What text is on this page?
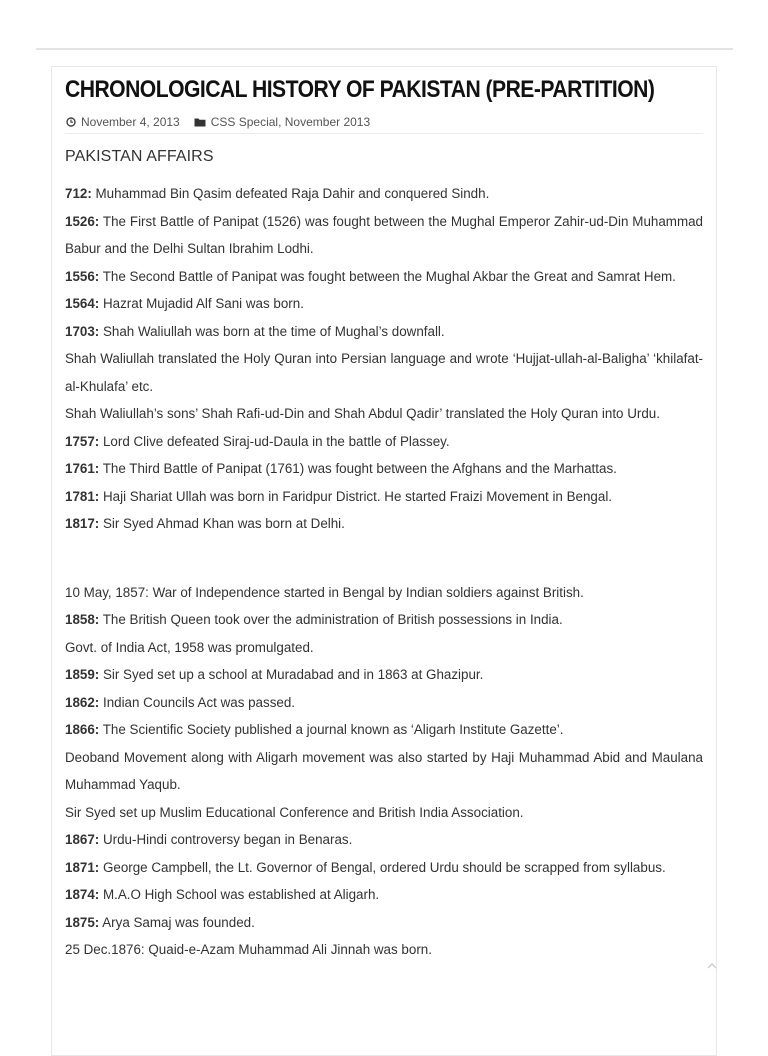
CHRONOLOGICAL HISTORY OF PAKISTAN (PRE-PARTITION)
November 4, 2013	CSS Special, November 2013
PAKISTAN AFFAIRS

712: Muhammad Bin Qasim defeated Raja Dahir and conquered Sindh.

1526: The First Battle of Panipat (1526) was fought between the Mughal Emperor Zahir-ud-Din Muhammad Babur and the Delhi Sultan Ibrahim Lodhi.

1556: The Second Battle of Panipat was fought between the Mughal Akbar the Great and Samrat Hem.

1564: Hazrat Mujadid Alf Sani was born.

1703: Shah Waliullah was born at the time of Mughal’s downfall.

Shah Waliullah translated the Holy Quran into Persian language and wrote ‘Hujjat-ullah-al-Baligha’ ‘khilafat-al-Khulafa’ etc.

Shah Waliullah’s sons’ Shah Rafi-ud-Din and Shah Abdul Qadir’ translated the Holy Quran into Urdu.

1757: Lord Clive defeated Siraj-ud-Daula in the battle of Plassey.

1761: The Third Battle of Panipat (1761) was fought between the Afghans and the Marhattas.

1781: Haji Shariat Ullah was born in Faridpur District. He started Fraizi Movement in Bengal.

1817: Sir Syed Ahmad Khan was born at Delhi.

10 May, 1857: War of Independence started in Bengal by Indian soldiers against British.

1858: The British Queen took over the administration of British possessions in India.

Govt. of India Act, 1958 was promulgated.

1859: Sir Syed set up a school at Muradabad and in 1863 at Ghazipur.

1862: Indian Councils Act was passed.

1866: The Scientific Society published a journal known as ‘Aligarh Institute Gazette’.

Deoband Movement along with Aligarh movement was also started by Haji Muhammad Abid and Maulana Muhammad Yaqub.

Sir Syed set up Muslim Educational Conference and British India Association.

1867: Urdu-Hindi controversy began in Benaras.

1871: George Campbell, the Lt. Governor of Bengal, ordered Urdu should be scrapped from syllabus.

1874: M.A.O High School was established at Aligarh.

1875: Arya Samaj was founded.

25 Dec.1876: Quaid-e-Azam Muhammad Ali Jinnah was born.
